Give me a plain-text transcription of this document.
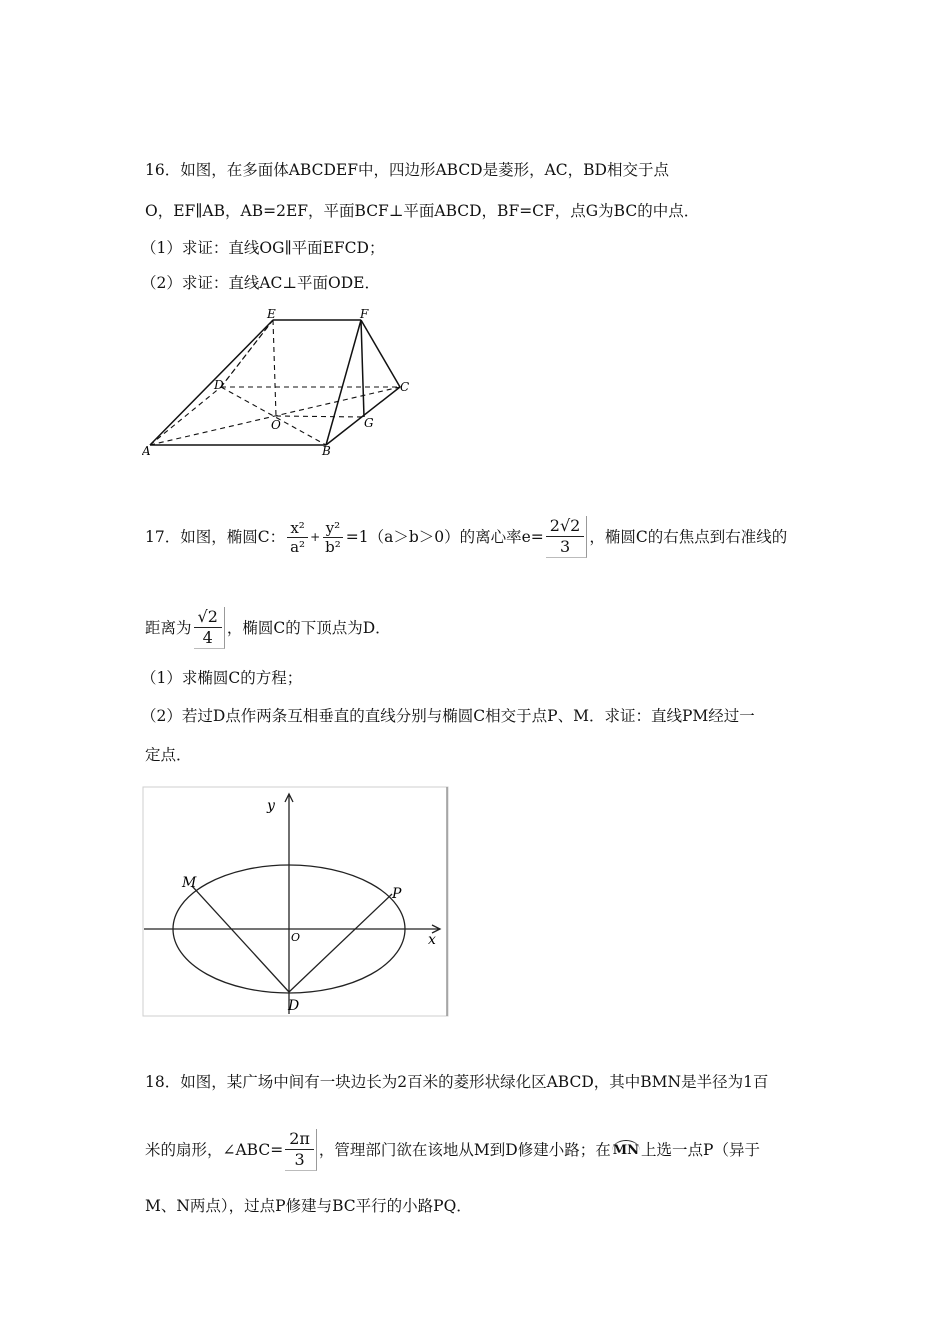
16．如图，在多面体ABCDEF中，四边形ABCD是菱形，AC，BD相交于点
O，EF∥AB，AB=2EF，平面BCF⊥平面ABCD，BF=CF，点G为BC的中点．
（1）求证：直线OG∥平面EFCD；
（2）求证：直线AC⊥平面ODE．
A	B
C
D
E	F
G
O
17．如图，椭圆C： $\frac{\text{x²}}{\text{a²}} + \frac{\text{y²}}{\text{b²}} =1(a>b>0)$的离心率$e= \frac{2√2}{3}$ ，椭圆C的右焦点到右准线的
距离为 $\frac{√2}{4}$ ，椭圆C的下顶点为D．
（1）求椭圆C的方程；
（2）若过D点作两条互相垂直的直线分别与椭圆C相交于点P、M．求证：直线PM经过一
定点．
y
x
O
M
P
D
18．如图，某广场中间有一块边长为2百米的菱形状绿化区ABCD，其中BMN是半径为1百
米的扇形，∠ABC= $\frac{2\pi}{3}$ ，管理部门欲在该地从M到D修建小路；在 MN 上选一点P（异于
M、N两点），过点P修建与BC平行的小路PQ．
